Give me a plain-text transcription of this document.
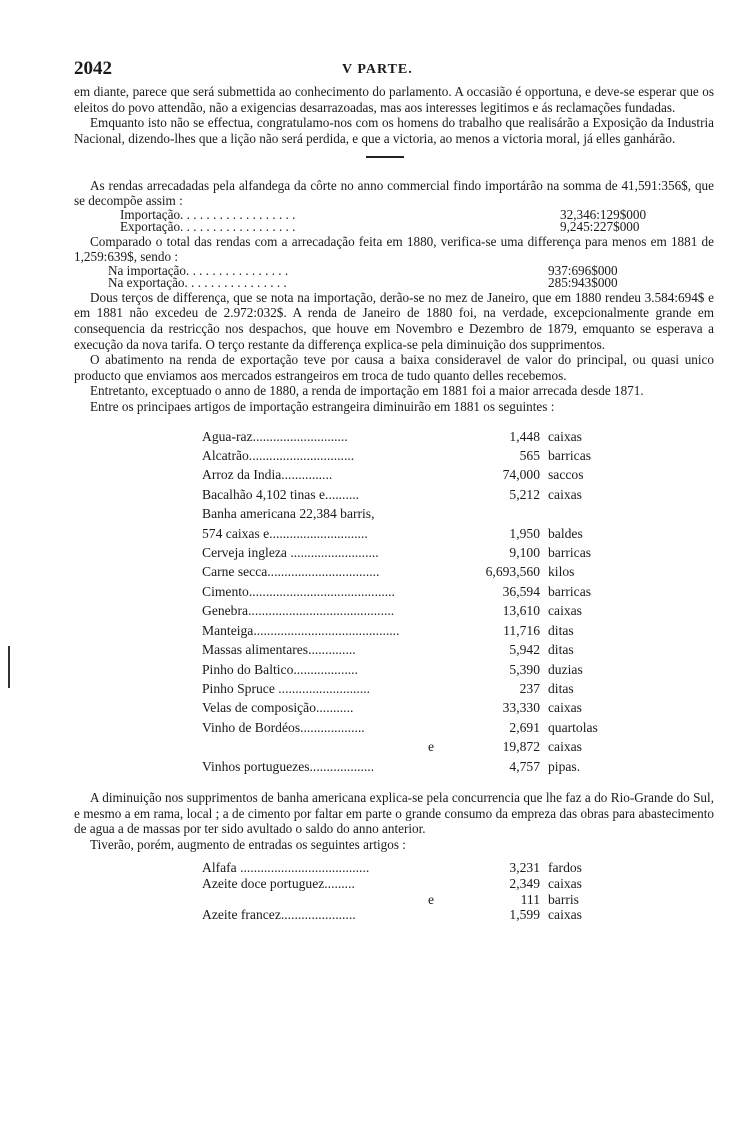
2042	V PARTE.

em diante, parece que será submettida ao conhecimento do parlamento. A occasião é opportuna, e deve-se esperar que os eleitos do povo attendão, não a exigencias desarrazoadas, mas aos interesses legitimos e ás reclamações fundadas.

Emquanto isto não se effectua, congratulamo-nos com os homens do trabalho que realisárão a Exposição da Industria Nacional, dizendo-lhes que a lição não será perdida, e que a victoria, ao menos a victoria moral, já elles ganhárão.

As rendas arrecadadas pela alfandega da côrte no anno commercial findo importárão na somma de 41,591:356$, que se decompõe assim :

Importação. . . . . . . . . . . . . . . . . .	32,346:129$000
Exportação. . . . . . . . . . . . . . . . . .	9,245:227$000

Comparado o total das rendas com a arrecadação feita em 1880, verifica-se uma differença para menos em 1881 de 1,259:639$, sendo :

Na importação. . . . . . . . . . . . . . . .	937:696$000
Na exportação. . . . . . . . . . . . . . . .	285:943$000

Dous terços de differença, que se nota na importação, derão-se no mez de Janeiro, que em 1880 rendeu 3.584:694$ e em 1881 não excedeu de 2.972:032$. A renda de Janeiro de 1880 foi, na verdade, excepcionalmente grande em consequencia da restricção nos despachos, que houve em Novembro e Dezembro de 1879, emquanto se esperava a execução da nova tarifa. O terço restante da differença explica-se pela diminuição dos supprimentos.

O abatimento na renda de exportação teve por causa a baixa consideravel de valor do principal, ou quasi unico producto que enviamos aos mercados estrangeiros em troca de tudo quanto delles recebemos.

Entretanto, exceptuado o anno de 1880, a renda de importação em 1881 foi a maior arrecada desde 1871.

Entre os principaes artigos de importação estrangeira diminuirão em 1881 os seguintes :

Agua-raz............................	1,448 caixas
Alcatrão...............................	565 barricas
Arroz da India...............	74,000 saccos
Bacalhão 4,102 tinas e..........	5,212 caixas
Banha americana 22,384 barris,
574 caixas e.............................	1,950 baldes
Cerveja ingleza ..........................	9,100 barricas
Carne secca.................................	6,693,560 kilos
Cimento...........................................	36,594 barricas
Genebra...........................................	13,610 caixas
Manteiga...........................................	11,716 ditas
Massas alimentares..............	5,942 ditas
Pinho do Baltico...................	5,390 duzias
Pinho Spruce ...........................	237 ditas
Velas de composição...........	33,330 caixas
Vinho de Bordéos...................	2,691 quartolas
e	19,872 caixas
Vinhos portuguezes...................	4,757 pipas.

A diminuição nos supprimentos de banha americana explica-se pela concurrencia que lhe faz a do Rio-Grande do Sul, e mesmo a em rama, local ; a de cimento por faltar em parte o grande consumo da empreza das obras para abastecimento de agua a de massas por ter sido avultado o saldo do anno anterior.

Tiverão, porém, augmento de entradas os seguintes artigos :

Alfafa ......................................	3,231 fardos
Azeite doce portuguez.........	2,349 caixas
e	111 barris
Azeite francez......................	1,599 caixas
